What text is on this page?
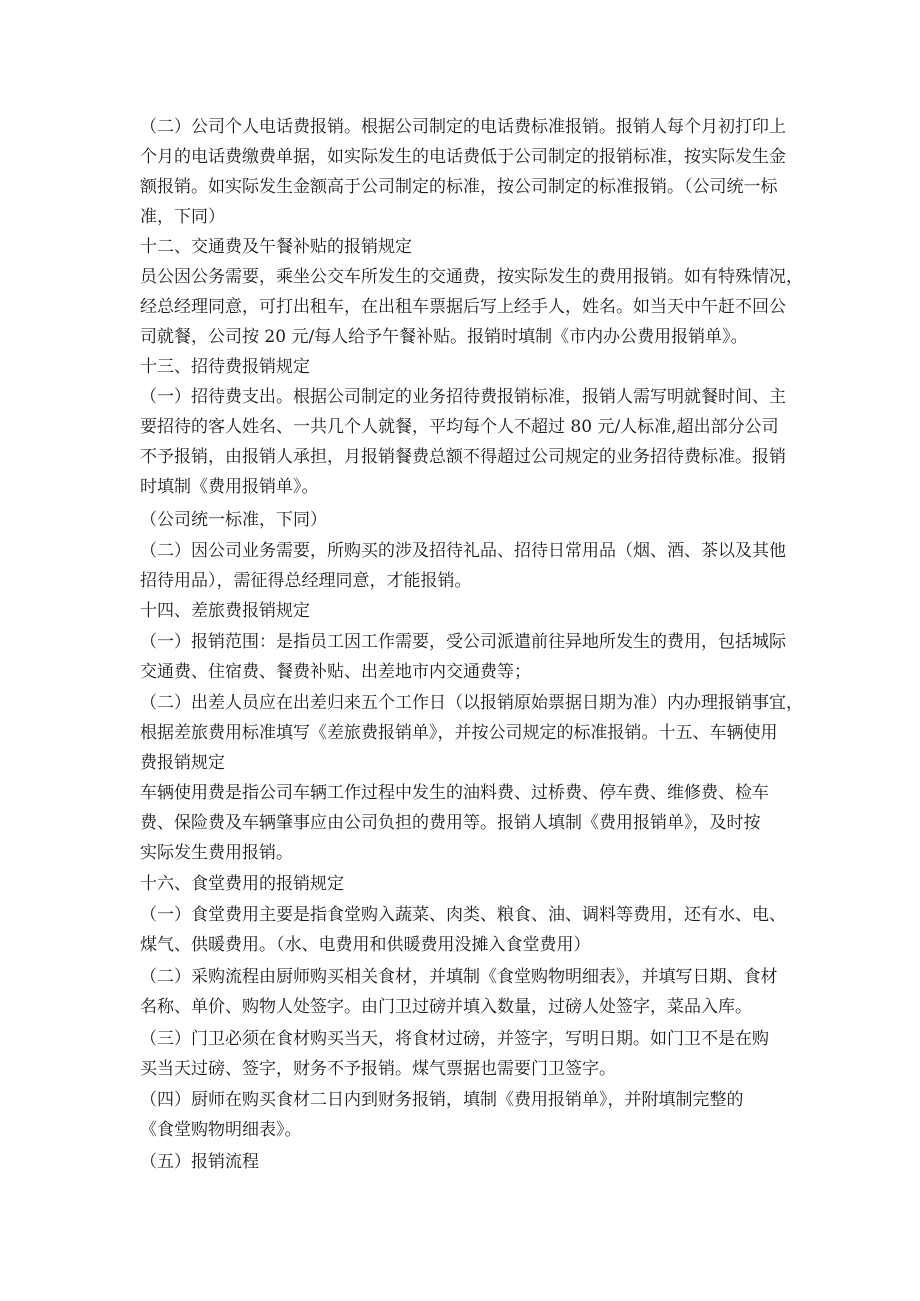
（二）公司个人电话费报销。根据公司制定的电话费标准报销。报销人每个月初打印上
个月的电话费缴费单据，如实际发生的电话费低于公司制定的报销标准，按实际发生金
额报销。如实际发生金额高于公司制定的标准，按公司制定的标准报销。（公司统一标
准，下同）
十二、交通费及午餐补贴的报销规定
员公因公务需要，乘坐公交车所发生的交通费，按实际发生的费用报销。如有特殊情况，
经总经理同意，可打出租车，在出租车票据后写上经手人，姓名。如当天中午赶不回公
司就餐，公司按 20 元/每人给予午餐补贴。报销时填制《市内办公费用报销单》。
十三、招待费报销规定
（一）招待费支出。根据公司制定的业务招待费报销标准，报销人需写明就餐时间、主
要招待的客人姓名、一共几个人就餐，平均每个人不超过 80 元/人标准,超出部分公司
不予报销，由报销人承担，月报销餐费总额不得超过公司规定的业务招待费标准。报销
时填制《费用报销单》。
（公司统一标准，下同）
（二）因公司业务需要，所购买的涉及招待礼品、招待日常用品（烟、酒、茶以及其他
招待用品），需征得总经理同意，才能报销。
十四、差旅费报销规定
（一）报销范围：是指员工因工作需要，受公司派遣前往异地所发生的费用，包括城际
交通费、住宿费、餐费补贴、出差地市内交通费等；
（二）出差人员应在出差归来五个工作日（以报销原始票据日期为准）内办理报销事宜，
根据差旅费用标准填写《差旅费报销单》，并按公司规定的标准报销。十五、车辆使用
费报销规定
车辆使用费是指公司车辆工作过程中发生的油料费、过桥费、停车费、维修费、检车
费、保险费及车辆肇事应由公司负担的费用等。报销人填制《费用报销单》，及时按
实际发生费用报销。
十六、食堂费用的报销规定
（一）食堂费用主要是指食堂购入蔬菜、肉类、粮食、油、调料等费用，还有水、电、
煤气、供暖费用。（水、电费用和供暖费用没摊入食堂费用）
（二）采购流程由厨师购买相关食材，并填制《食堂购物明细表》，并填写日期、食材
名称、单价、购物人处签字。由门卫过磅并填入数量，过磅人处签字，菜品入库。
（三）门卫必须在食材购买当天，将食材过磅，并签字，写明日期。如门卫不是在购
买当天过磅、签字，财务不予报销。煤气票据也需要门卫签字。
（四）厨师在购买食材二日内到财务报销，填制《费用报销单》，并附填制完整的
《食堂购物明细表》。
（五）报销流程
